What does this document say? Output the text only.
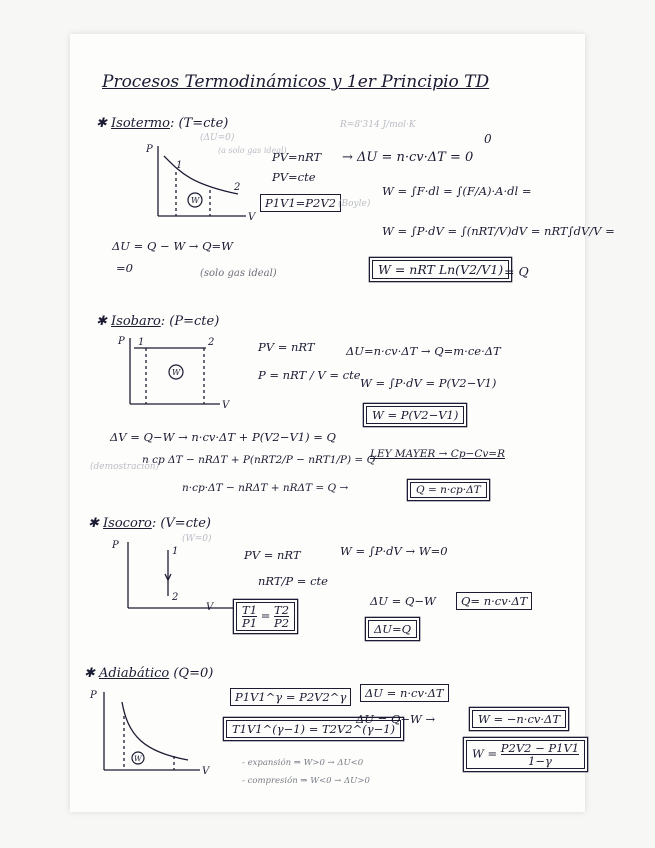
Procesos Termodinámicos y 1er Principio TD
✱ Isotermo: (T=cte)
(ΔU=0)
(a solo gas ideal)
R=8'314 J/mol·K
0
P
V
1
2
W
PV=nRT → ΔU = n·cv·ΔT = 0
PV=cte
P1V1=P2V2 (Boyle)
W = ∫F·dl = ∫(F/A)·A·dl =
W = ∫P·dV = ∫(nRT/V)dV = nRT∫dV/V =
W = nRT Ln(V2/V1) = Q
ΔU = Q − W → Q=W
=0	(solo gas ideal)
✱ Isobaro: (P=cte)
P
V
1	2
W
PV = nRT
P = nRT / V = cte
ΔU=n·cv·ΔT → Q=m·ce·ΔT
W = ∫P·dV = P(V2−V1)
W = P(V2−V1)
ΔV = Q−W → n·cv·ΔT + P(V2−V1) = Q
n cp ΔT − nRΔT + P(nRT2/P − nRT1/P) = Q
LEY MAYER → Cp−Cv=R
(demostración)
n·cp·ΔT − nRΔT + nRΔT = Q →	Q = n·cp·ΔT
✱ Isocoro: (V=cte)
(W=0)
P
V
1
2
PV = nRT
nRT/P = cte
$\frac{T1}{P1} = \frac{T2}{P2}$
W = ∫P·dV → W=0
ΔU = Q−W	Q= n·cv·ΔT
ΔU=Q
✱ Adiabático (Q=0)
P
V
W
P1V1^γ = P2V2^γ
T1V1^(γ−1) = T2V2^(γ−1)
ΔU = n·cv·ΔT
ΔU = Q−W →	W = −n·cv·ΔT
$W = \frac{P2V2 - P1V1}{1-\gamma}$
- expansión ⇒ W>0 → ΔU<0
- compresión ⇒ W<0 → ΔU>0
